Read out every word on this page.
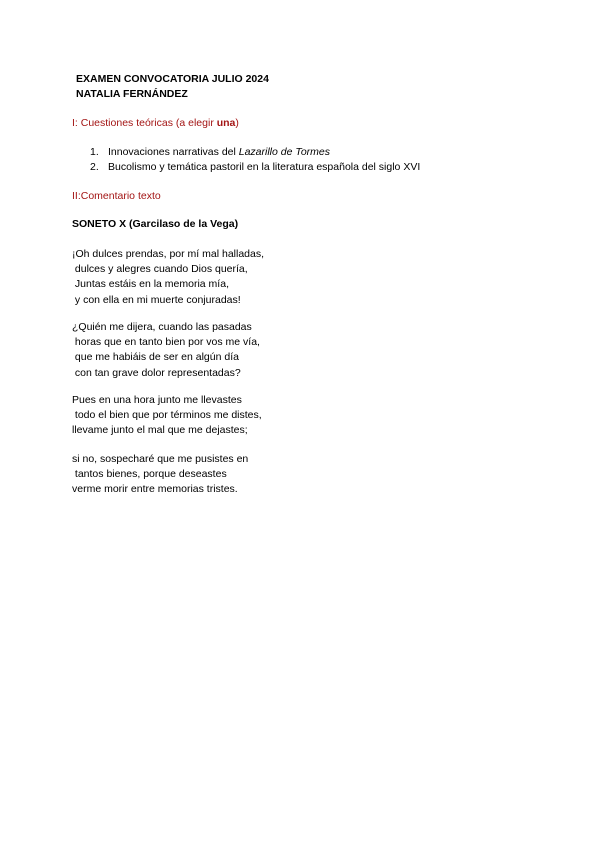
EXAMEN CONVOCATORIA JULIO 2024
NATALIA FERNÁNDEZ
I: Cuestiones teóricas (a elegir una)
1. Innovaciones narrativas del Lazarillo de Tormes
2. Bucolismo y temática pastoril en la literatura española del siglo XVI
II:Comentario texto
SONETO X (Garcilaso de la Vega)
¡Oh dulces prendas, por mí mal halladas,
dulces y alegres cuando Dios quería,
Juntas estáis en la memoria mía,
y con ella en mi muerte conjuradas!
¿Quién me dijera, cuando las pasadas
horas que en tanto bien por vos me vía,
que me habiáis de ser en algún día
con tan grave dolor representadas?
Pues en una hora junto me llevastes
todo el bien que por términos me distes,
llevame junto el mal que me dejastes;
si no, sospecharé que me pusistes en
tantos bienes, porque deseastes
verme morir entre memorias tristes.
